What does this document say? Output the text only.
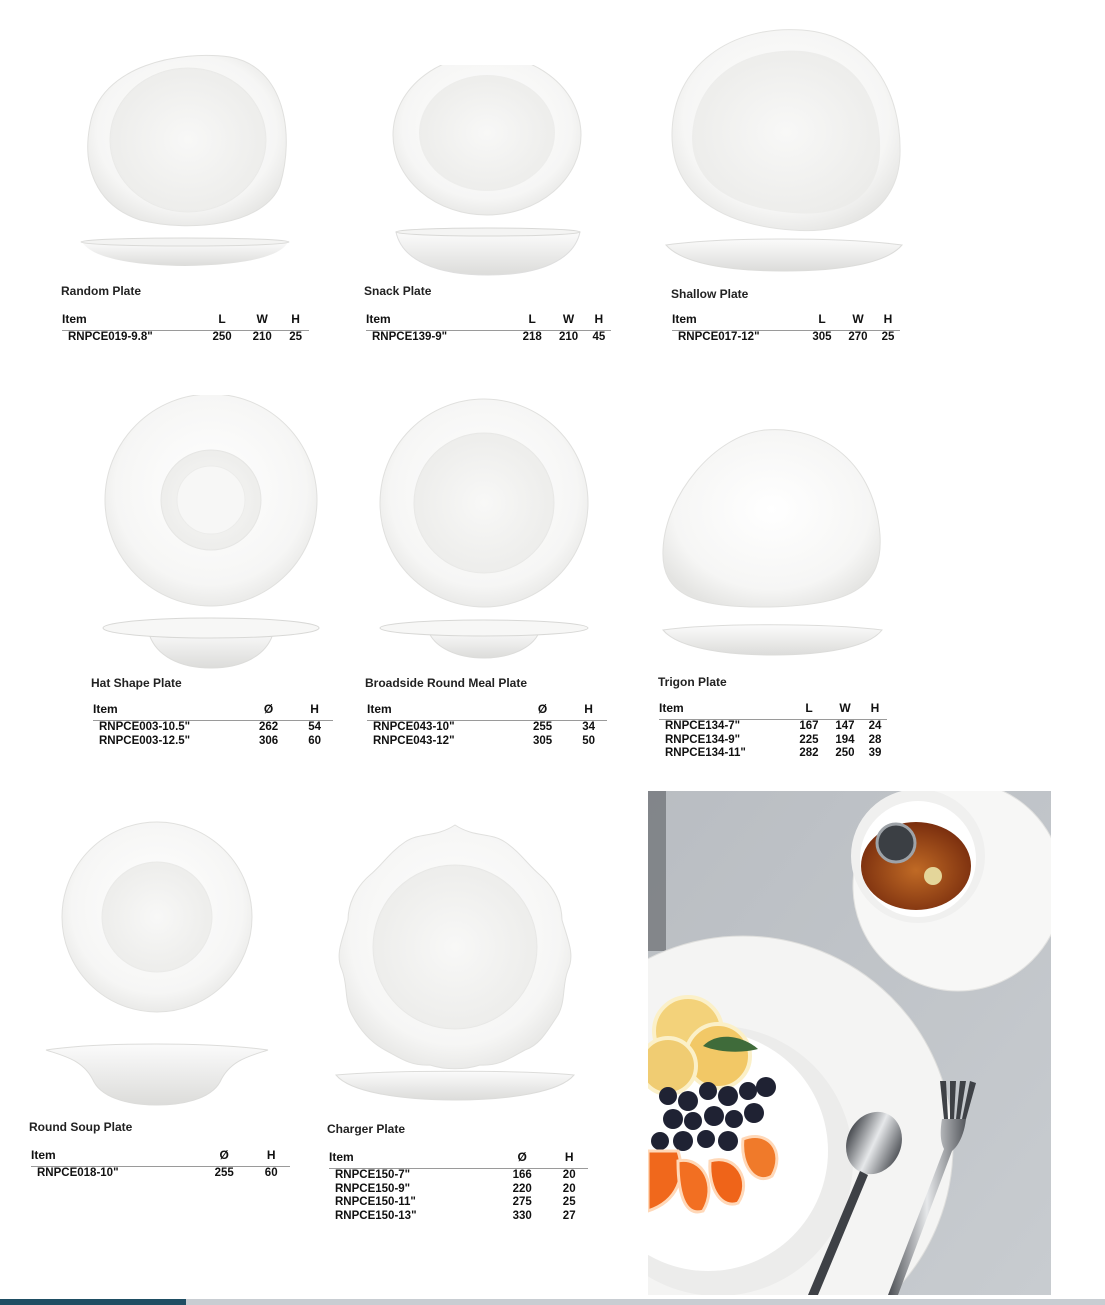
Random Plate
Item	L	W	H
RNPCE019-9.8"	250	210	25
Snack Plate
Item	L	W	H
RNPCE139-9"	218	210	45
Shallow Plate
Item	L	W	H
RNPCE017-12"	305	270	25
Hat Shape Plate
Item	Ø	H
RNPCE003-10.5"	262	54
RNPCE003-12.5"	306	60
Broadside Round Meal Plate
Item	Ø	H
RNPCE043-10"	255	34
RNPCE043-12"	305	50
Trigon Plate
Item	L	W	H
RNPCE134-7"	167	147	24
RNPCE134-9"	225	194	28
RNPCE134-11"	282	250	39
Round Soup Plate
Item	Ø	H
RNPCE018-10"	255	60
Charger Plate
Item	Ø	H
RNPCE150-7"	166	20
RNPCE150-9"	220	20
RNPCE150-11"	275	25
RNPCE150-13"	330	27
